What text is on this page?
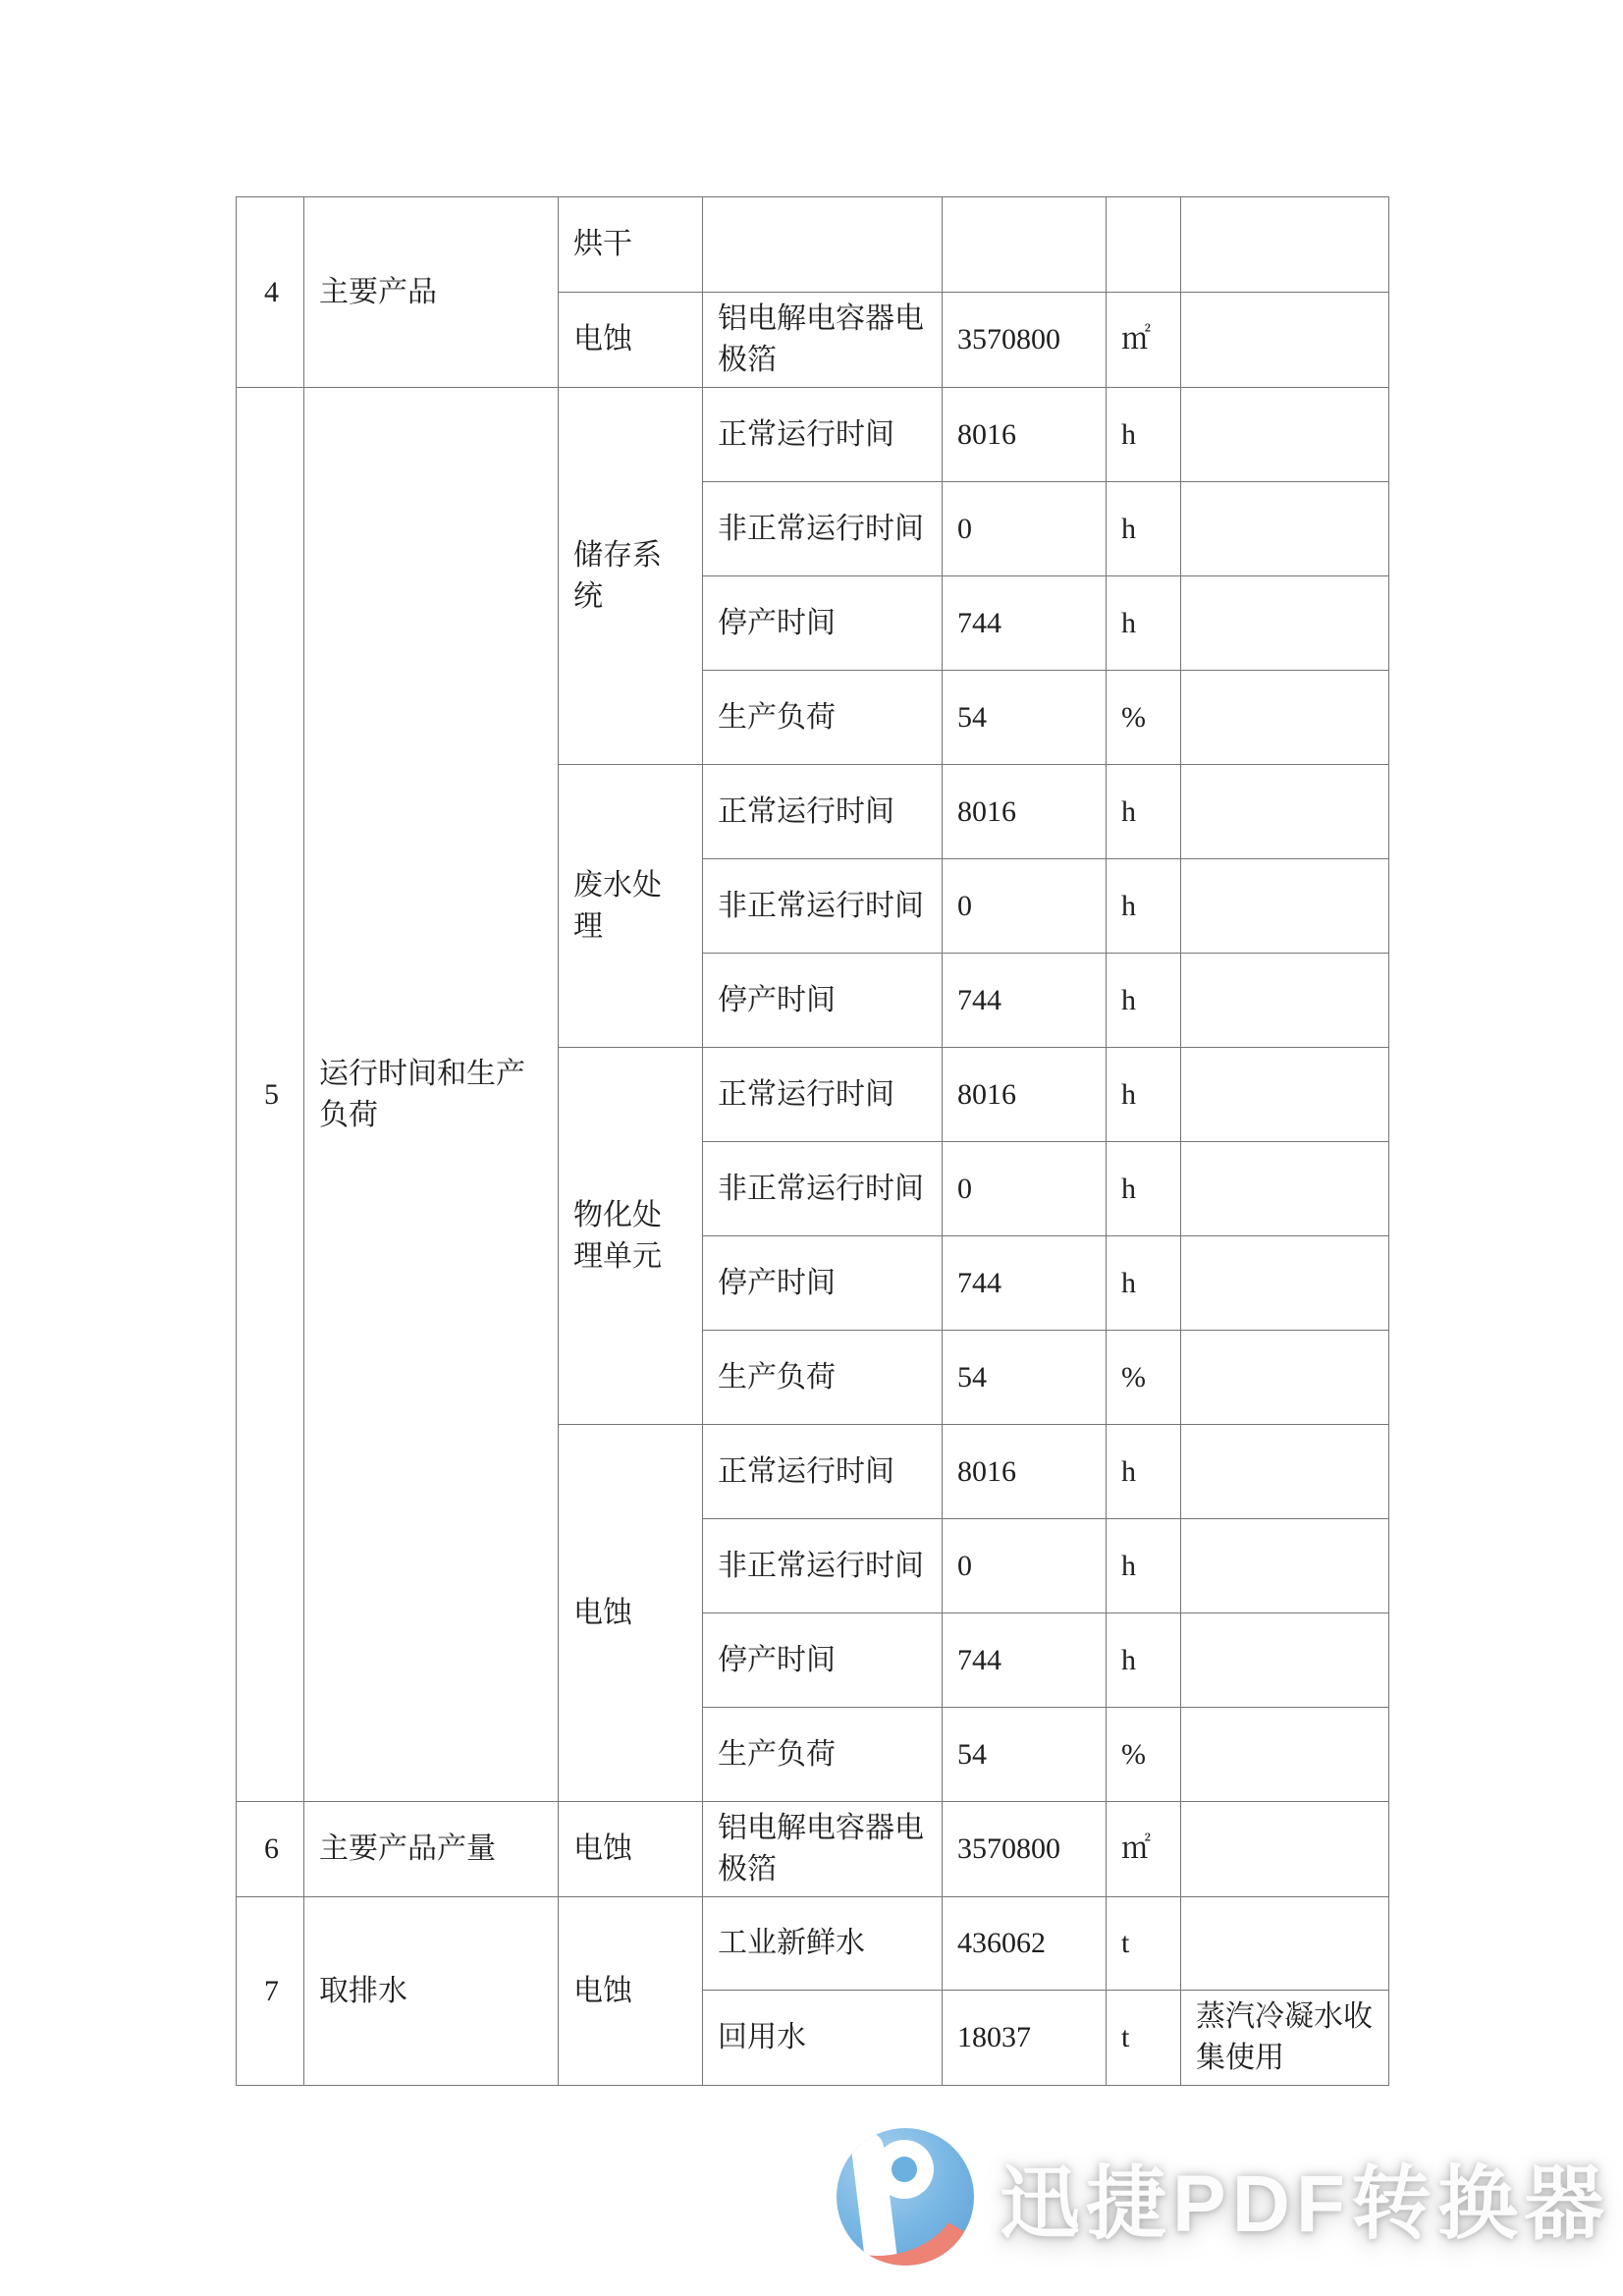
4	主要产品	烘干				
		电蚀	铝电解电容器电极箔	3570800	㎡	
5	运行时间和生产负荷	储存系统	正常运行时间	8016	h	
			非正常运行时间	0	h	
			停产时间	744	h	
			生产负荷	54	%	
		废水处理	正常运行时间	8016	h	
			非正常运行时间	0	h	
			停产时间	744	h	
		物化处理单元	正常运行时间	8016	h	
			非正常运行时间	0	h	
			停产时间	744	h	
			生产负荷	54	%	
		电蚀	正常运行时间	8016	h	
			非正常运行时间	0	h	
			停产时间	744	h	
			生产负荷	54	%	
6	主要产品产量	电蚀	铝电解电容器电极箔	3570800	㎡	
7	取排水	电蚀	工业新鲜水	436062	t	
			回用水	18037	t	蒸汽冷凝水收集使用
迅捷PDF转换器
